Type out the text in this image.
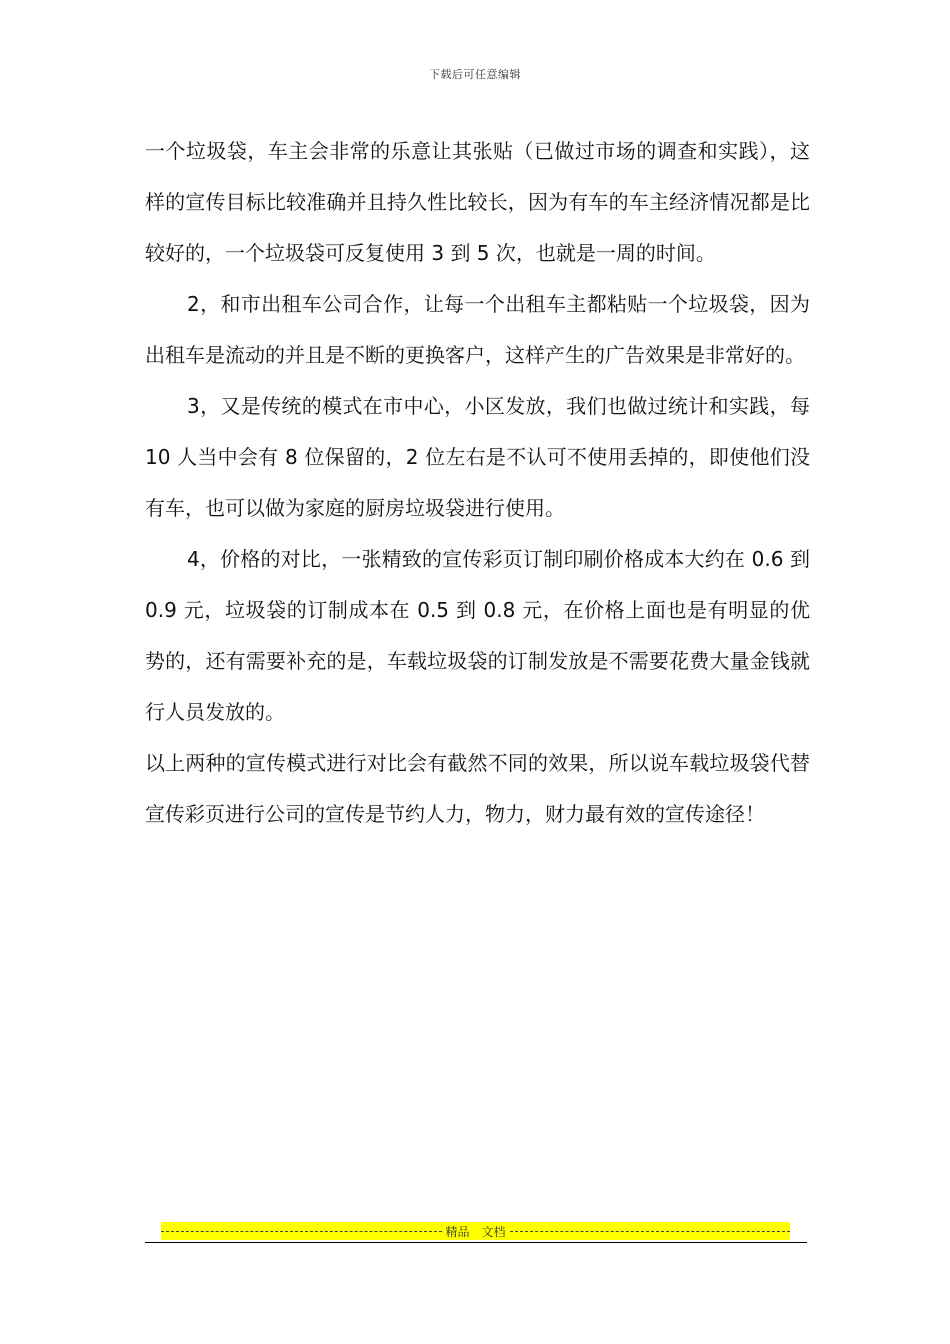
下载后可任意编辑

一个垃圾袋，车主会非常的乐意让其张贴（已做过市场的调查和实践），这样的宣传目标比较准确并且持久性比较长，因为有车的车主经济情况都是比较好的，一个垃圾袋可反复使用 3 到 5 次，也就是一周的时间。

2，和市出租车公司合作，让每一个出租车主都粘贴一个垃圾袋，因为出租车是流动的并且是不断的更换客户，这样产生的广告效果是非常好的。

3，又是传统的模式在市中心，小区发放，我们也做过统计和实践，每 10 人当中会有 8 位保留的，2 位左右是不认可不使用丢掉的，即使他们没有车，也可以做为家庭的厨房垃圾袋进行使用。

4，价格的对比，一张精致的宣传彩页订制印刷价格成本大约在 0.6 到 0.9 元，垃圾袋的订制成本在 0.5 到 0.8 元，在价格上面也是有明显的优势的，还有需要补充的是，车载垃圾袋的订制发放是不需要花费大量金钱就行人员发放的。

以上两种的宣传模式进行对比会有截然不同的效果，所以说车载垃圾袋代替宣传彩页进行公司的宣传是节约人力，物力，财力最有效的宣传途径！

精品　文档
